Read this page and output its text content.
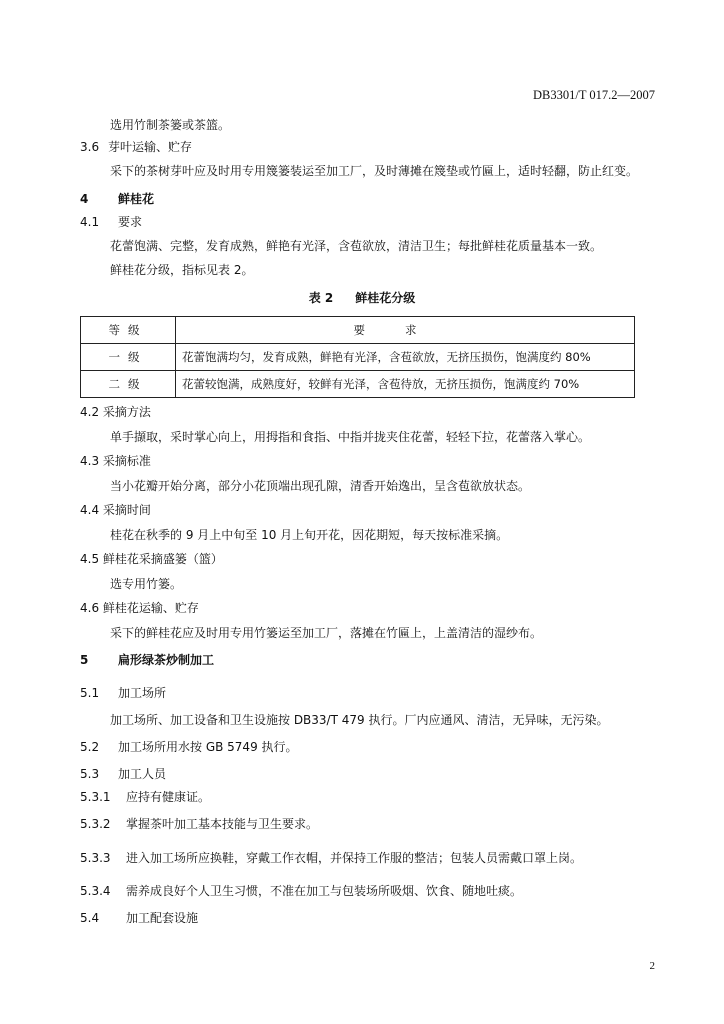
DB3301/T 017.2—2007
选用竹制茶篓或茶篮。
3.6 芽叶运输、贮存
采下的茶树芽叶应及时用专用篾篓装运至加工厂，及时薄摊在篾垫或竹匾上，适时轻翻，防止红变。
4 鲜桂花
4.1 要求
花蕾饱满、完整，发育成熟，鲜艳有光泽，含苞欲放，清洁卫生；每批鲜桂花质量基本一致。
鲜桂花分级，指标见表 2。
表 2 鲜桂花分级
等级	要求
一级	花蕾饱满均匀，发育成熟，鲜艳有光泽，含苞欲放，无挤压损伤，饱满度约 80%
二级	花蕾较饱满，成熟度好，较鲜有光泽，含苞待放，无挤压损伤，饱满度约 70%
4.2 采摘方法
单手撷取，采时掌心向上，用拇指和食指、中指并拢夹住花蕾，轻轻下拉，花蕾落入掌心。
4.3 采摘标准
当小花瓣开始分离，部分小花顶端出现孔隙，清香开始逸出，呈含苞欲放状态。
4.4 采摘时间
桂花在秋季的 9 月上中旬至 10 月上旬开花，因花期短，每天按标准采摘。
4.5 鲜桂花采摘盛篓（篮）
选专用竹篓。
4.6 鲜桂花运输、贮存
采下的鲜桂花应及时用专用竹篓运至加工厂，落摊在竹匾上，上盖清洁的湿纱布。
5 扁形绿茶炒制加工
5.1 加工场所
加工场所、加工设备和卫生设施按 DB33/T 479 执行。厂内应通风、清洁，无异味，无污染。
5.2 加工场所用水按 GB 5749 执行。
5.3 加工人员
5.3.1 应持有健康证。
5.3.2 掌握茶叶加工基本技能与卫生要求。
5.3.3 进入加工场所应换鞋，穿戴工作衣帽，并保持工作服的整洁；包装人员需戴口罩上岗。
5.3.4 需养成良好个人卫生习惯，不准在加工与包装场所吸烟、饮食、随地吐痰。
5.4 加工配套设施
2
